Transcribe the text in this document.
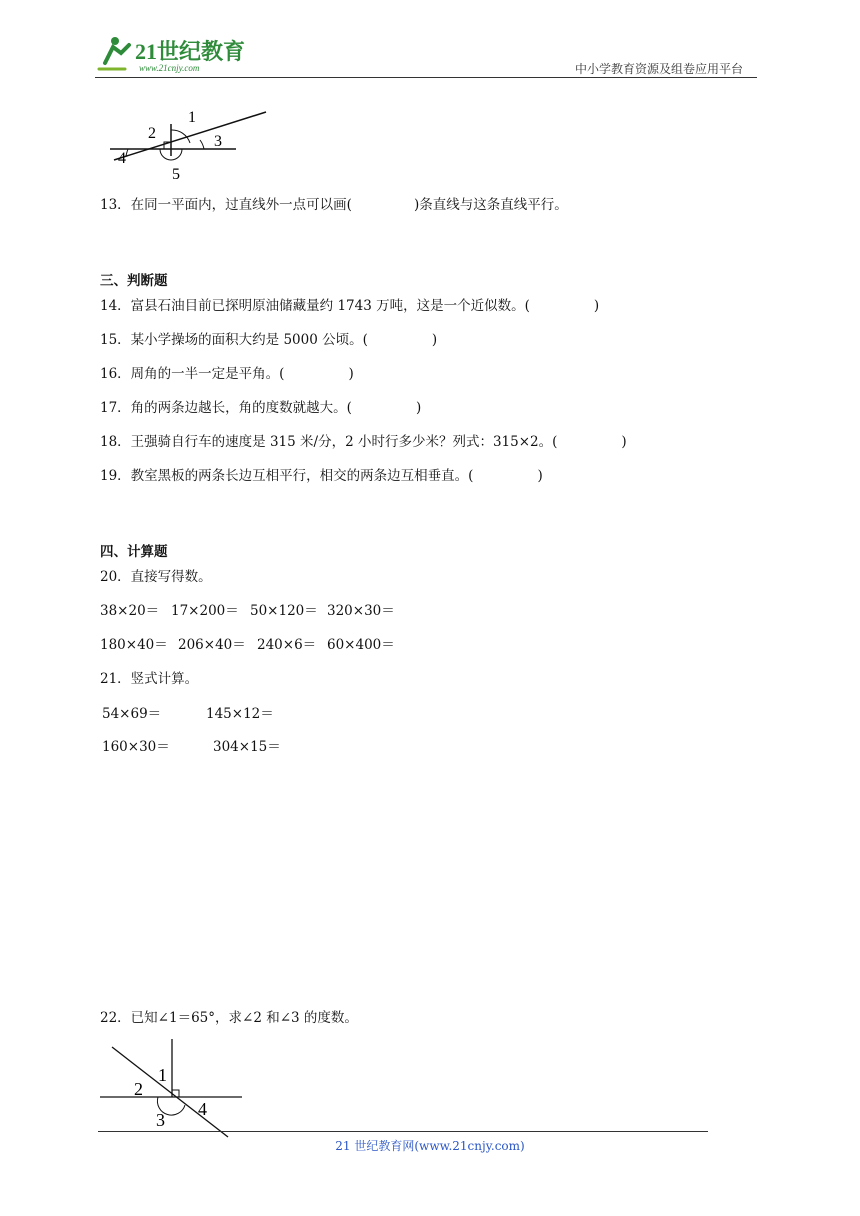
21世纪教育
www.21cnjy.com	中小学教育资源及组卷应用平台
1
2	3
4
5
13．在同一平面内，过直线外一点可以画(	)条直线与这条直线平行。
三、判断题
14．富县石油目前已探明原油储藏量约 1743 万吨，这是一个近似数。(	)
15．某小学操场的面积大约是 5000 公顷。(	)
16．周角的一半一定是平角。(	)
17．角的两条边越长，角的度数就越大。(	)
18．王强骑自行车的速度是 315 米/分，2 小时行多少米？列式：315×2。(	)
19．教室黑板的两条长边互相平行，相交的两条边互相垂直。(	)
四、计算题
20．直接写得数。
38×20＝ 17×200＝ 50×120＝ 320×30＝
180×40＝ 206×40＝ 240×6＝ 60×400＝
21．竖式计算。
54×69＝	145×12＝
160×30＝	304×15＝
22．已知∠1＝65°，求∠2 和∠3 的度数。
1
2
3
4
21 世纪教育网(www.21cnjy.com)
